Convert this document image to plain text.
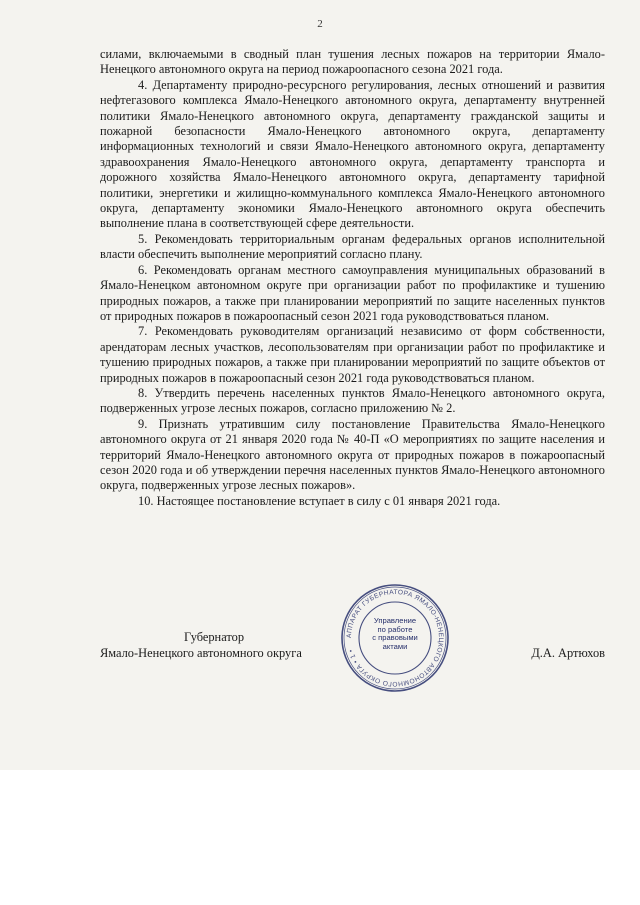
2

силами, включаемыми в сводный план тушения лесных пожаров на территории Ямало-Ненецкого автономного округа на период пожароопасного сезона 2021 года.

4. Департаменту природно-ресурсного регулирования, лесных отношений и развития нефтегазового комплекса Ямало-Ненецкого автономного округа, департаменту внутренней политики Ямало-Ненецкого автономного округа, департаменту гражданской защиты и пожарной безопасности Ямало-Ненецкого автономного округа, департаменту информационных технологий и связи Ямало-Ненецкого автономного округа, департаменту здравоохранения Ямало-Ненецкого автономного округа, департаменту транспорта и дорожного хозяйства Ямало-Ненецкого автономного округа, департаменту тарифной политики, энергетики и жилищно-коммунального комплекса Ямало-Ненецкого автономного округа, департаменту экономики Ямало-Ненецкого автономного округа обеспечить выполнение плана в соответствующей сфере деятельности.

5. Рекомендовать территориальным органам федеральных органов исполнительной власти обеспечить выполнение мероприятий согласно плану.

6. Рекомендовать органам местного самоуправления муниципальных образований в Ямало-Ненецком автономном округе при организации работ по профилактике и тушению природных пожаров, а также при планировании мероприятий по защите населенных пунктов от природных пожаров в пожароопасный сезон 2021 года руководствоваться планом.

7. Рекомендовать руководителям организаций независимо от форм собственности, арендаторам лесных участков, лесопользователям при организации работ по профилактике и тушению природных пожаров, а также при планировании мероприятий по защите объектов от природных пожаров в пожароопасный сезон 2021 года руководствоваться планом.

8. Утвердить перечень населенных пунктов Ямало-Ненецкого автономного округа, подверженных угрозе лесных пожаров, согласно приложению № 2.

9. Признать утратившим силу постановление Правительства Ямало-Ненецкого автономного округа от 21 января 2020 года № 40-П «О мероприятиях по защите населения и территорий Ямало-Ненецкого автономного округа от природных пожаров в пожароопасный сезон 2020 года и об утверждении перечня населенных пунктов Ямало-Ненецкого автономного округа, подверженных угрозе лесных пожаров».

10. Настоящее постановление вступает в силу с 01 января 2021 года.

Губернатор
Ямало-Ненецкого автономного округа	Д.А. Артюхов
АППАРАТ ГУБЕРНАТОРА ЯМАЛО-НЕНЕЦКОГО АВТОНОМНОГО ОКРУГА • 1 •
Управление
по работе
с правовыми
актами
